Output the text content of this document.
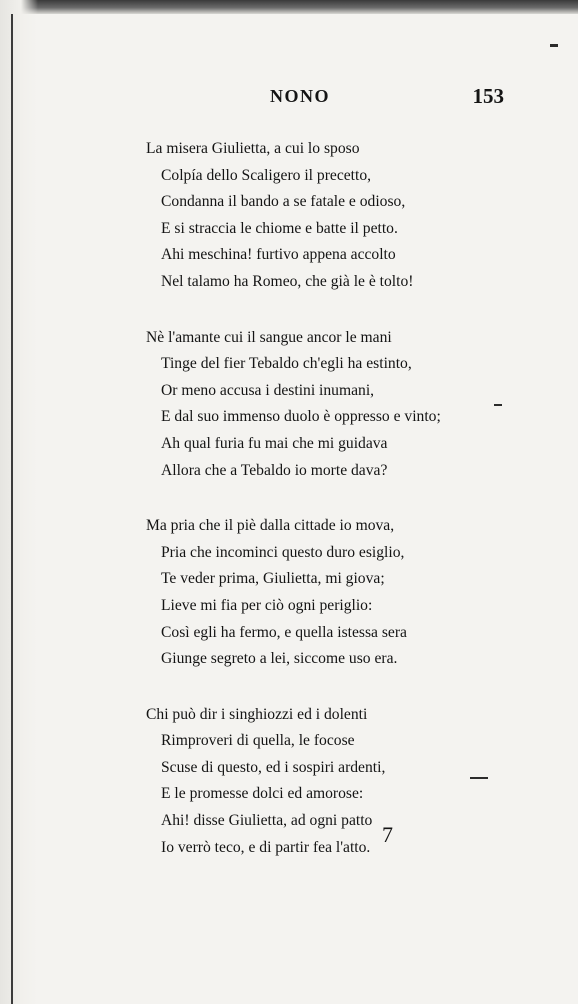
NONO	153
La misera Giulietta, a cui lo sposo
Colpía dello Scaligero il precetto,
Condanna il bando a se fatale e odioso,
E si straccia le chiome e batte il petto.
Ahi meschina! furtivo appena accolto
Nel talamo ha Romeo, che già le è tolto!
Nè l'amante cui il sangue ancor le mani
Tinge del fier Tebaldo ch'egli ha estinto,
Or meno accusa i destini inumani,
E dal suo immenso duolo è oppresso e vinto;
Ah qual furia fu mai che mi guidava
Allora che a Tebaldo io morte dava?
Ma pria che il piè dalla cittade io mova,
Pria che incominci questo duro esiglio,
Te veder prima, Giulietta, mi giova;
Lieve mi fia per ciò ogni periglio:
Così egli ha fermo, e quella istessa sera
Giunge segreto a lei, siccome uso era.
Chi può dir i singhiozzi ed i dolenti
Rimproveri di quella, le focose
Scuse di questo, ed i sospiri ardenti,
E le promesse dolci ed amorose:
Ahi! disse Giulietta, ad ogni patto
Io verrò teco, e di partir fea l'atto.
7
